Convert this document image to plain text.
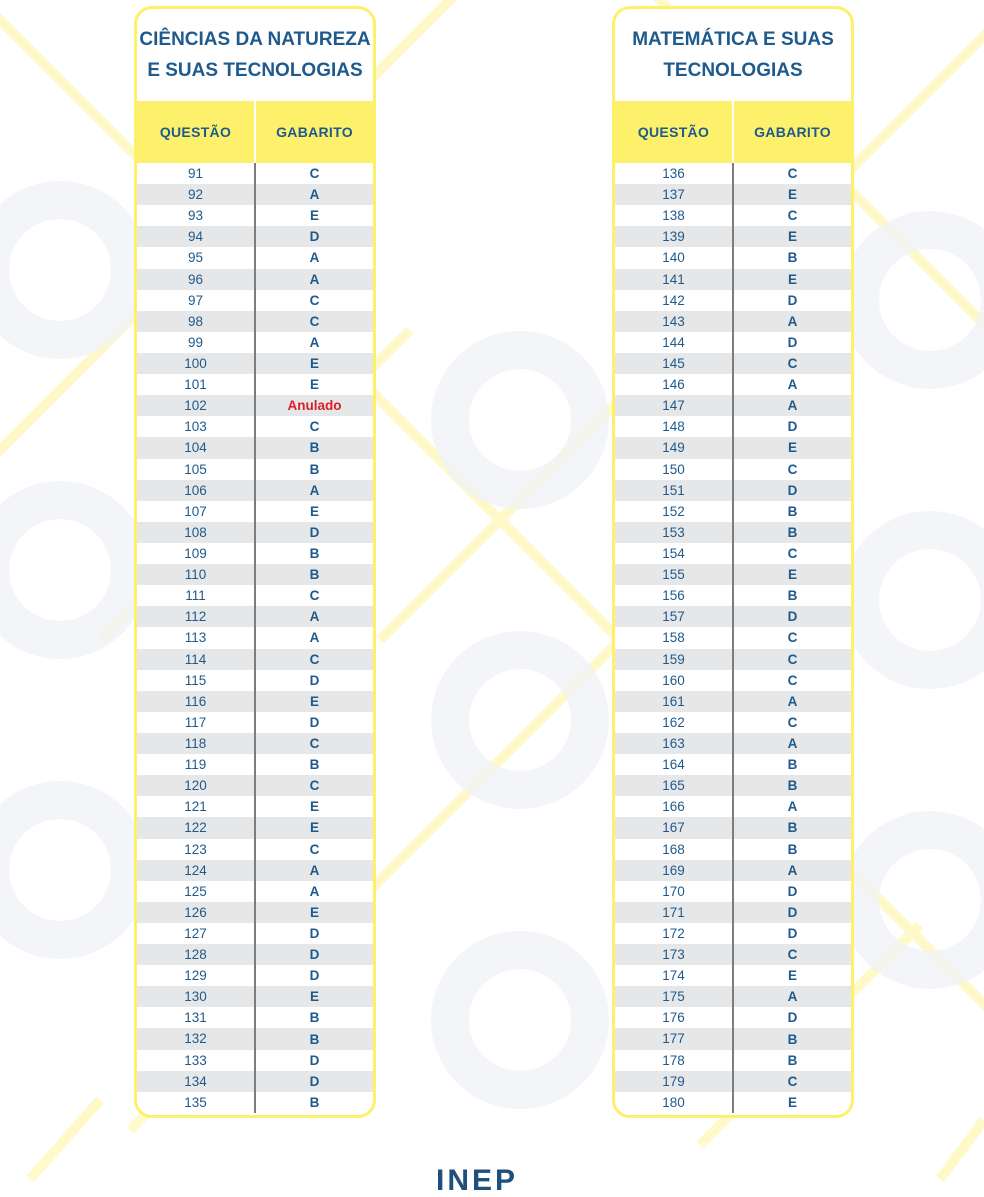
CIÊNCIAS DA NATUREZA
E SUAS TECNOLOGIAS
QUESTÃO	GABARITO
91	C
92	A
93	E
94	D
95	A
96	A
97	C
98	C
99	A
100	E
101	E
102	Anulado
103	C
104	B
105	B
106	A
107	E
108	D
109	B
110	B
111	C
112	A
113	A
114	C
115	D
116	E
117	D
118	C
119	B
120	C
121	E
122	E
123	C
124	A
125	A
126	E
127	D
128	D
129	D
130	E
131	B
132	B
133	D
134	D
135	B
MATEMÁTICA E SUAS
TECNOLOGIAS
QUESTÃO	GABARITO
136	C
137	E
138	C
139	E
140	B
141	E
142	D
143	A
144	D
145	C
146	A
147	A
148	D
149	E
150	C
151	D
152	B
153	B
154	C
155	E
156	B
157	D
158	C
159	C
160	C
161	A
162	C
163	A
164	B
165	B
166	A
167	B
168	B
169	A
170	D
171	D
172	D
173	C
174	E
175	A
176	D
177	B
178	B
179	C
180	E
INEP
